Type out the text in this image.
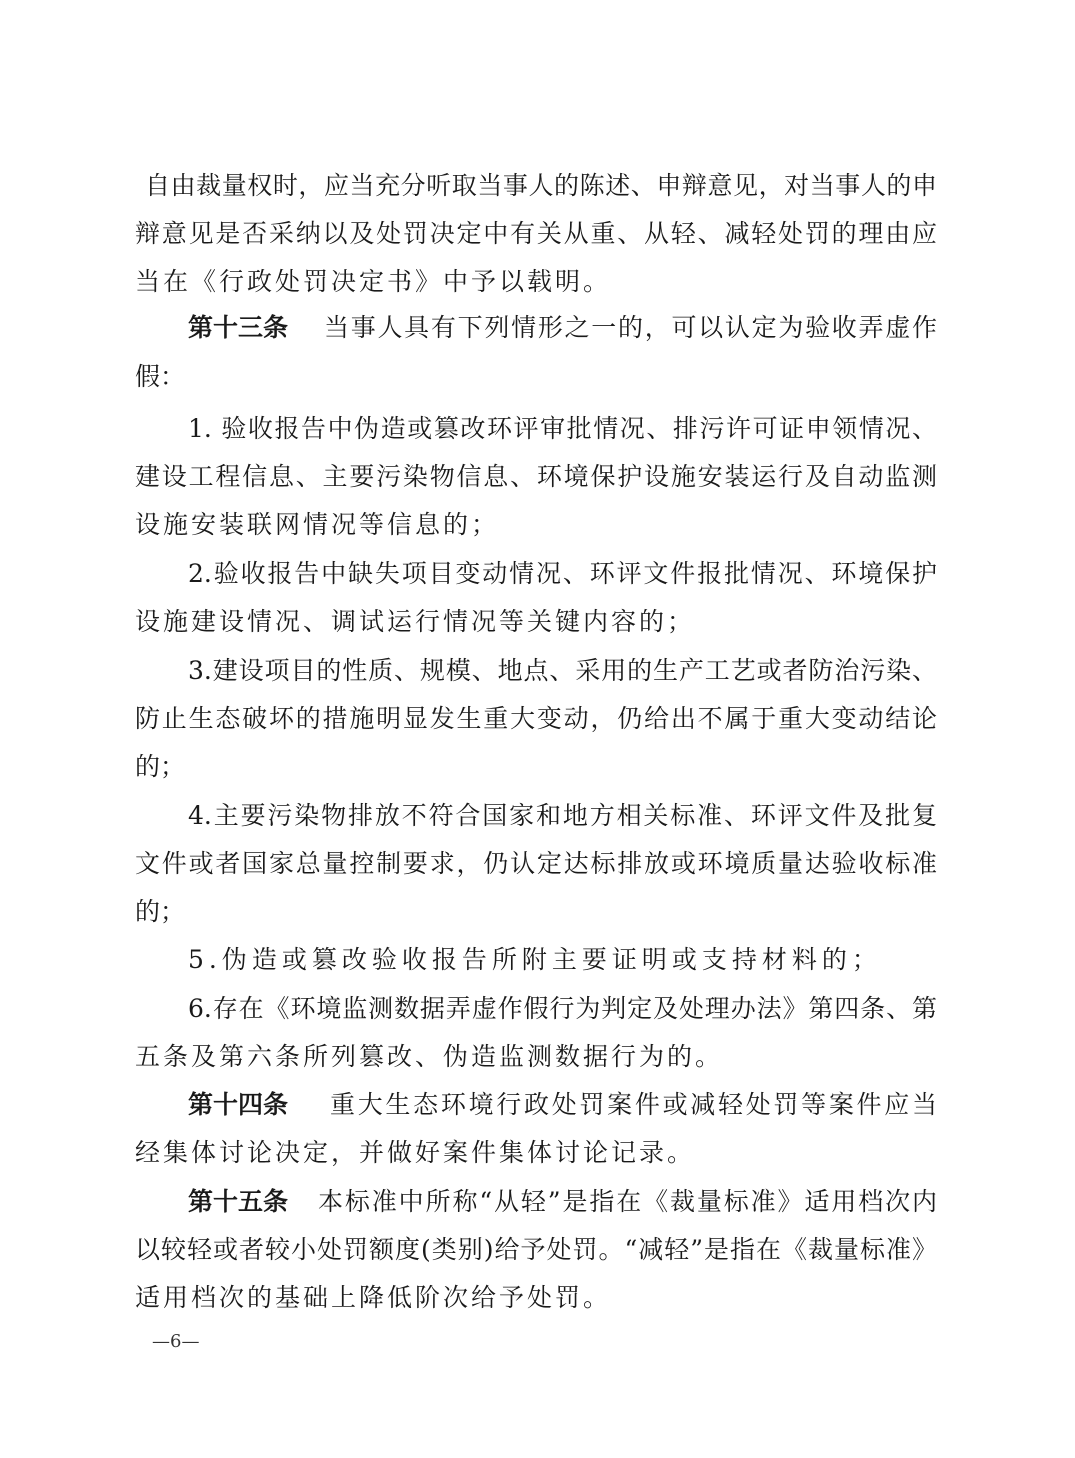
自由裁量权时，应当充分听取当事人的陈述、申辩意见，对当事人的申
辩意见是否采纳以及处罚决定中有关从重、从轻、减轻处罚的理由应
当在《行政处罚决定书》中予以载明。
第十三条 当事人具有下列情形之一的，可以认定为验收弄虚作
假：
1. 验收报告中伪造或篡改环评审批情况、排污许可证申领情况、
建设工程信息、主要污染物信息、环境保护设施安装运行及自动监测
设施安装联网情况等信息的；
2.验收报告中缺失项目变动情况、环评文件报批情况、环境保护
设施建设情况、调试运行情况等关键内容的；
3.建设项目的性质、规模、地点、采用的生产工艺或者防治污染、
防止生态破坏的措施明显发生重大变动，仍给出不属于重大变动结论
的；
4.主要污染物排放不符合国家和地方相关标准、环评文件及批复
文件或者国家总量控制要求，仍认定达标排放或环境质量达验收标准
的；
5.伪造或篡改验收报告所附主要证明或支持材料的；
6.存在《环境监测数据弄虚作假行为判定及处理办法》第四条、第
五条及第六条所列篡改、伪造监测数据行为的。
第十四条 重大生态环境行政处罚案件或减轻处罚等案件应当
经集体讨论决定，并做好案件集体讨论记录。
第十五条 本标准中所称“从轻”是指在《裁量标准》适用档次内
以较轻或者较小处罚额度(类别)给予处罚。“减轻”是指在《裁量标准》
适用档次的基础上降低阶次给予处罚。
—6—
